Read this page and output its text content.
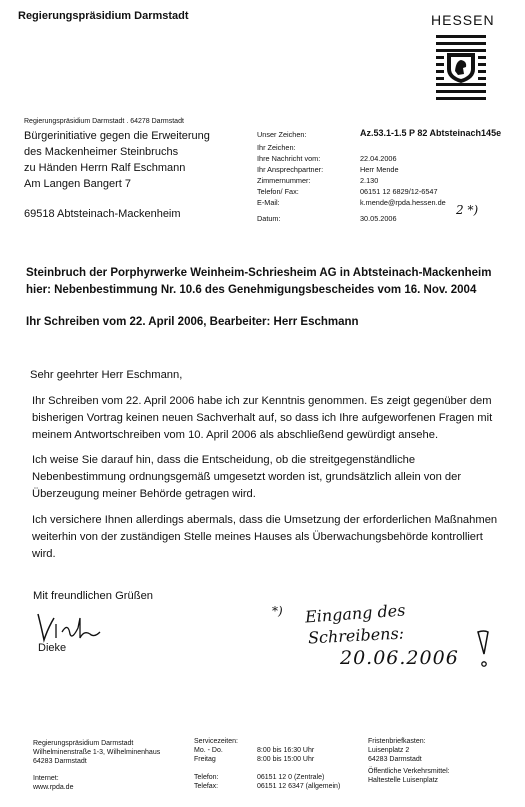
Regierungspräsidium Darmstadt	HESSEN
Regierungspräsidium Darmstadt . 64278 Darmstadt
Bürgerinitiative gegen die Erweiterung
des Mackenheimer Steinbruchs
zu Händen Herrn Ralf Eschmann
Am Langen Bangert 7
69518 Abtsteinach-Mackenheim
Unser Zeichen:
Ihr Zeichen:
Ihre Nachricht vom:
Ihr Ansprechpartner:
Zimmernummer:
Telefon/ Fax:
E-Mail:
Datum:
Az.53.1-1.5 P 82 Abtsteinach145e
22.04.2006
Herr Mende
2.130
06151 12 6829/12-6547
k.mende@rpda.hessen.de
30.05.2006
2 *)
Steinbruch der Porphyrwerke Weinheim-Schriesheim AG in Abtsteinach-Mackenheim
hier: Nebenbestimmung Nr. 10.6 des Genehmigungsbescheides vom 16. Nov. 2004
Ihr Schreiben vom 22. April 2006, Bearbeiter: Herr Eschmann
Sehr geehrter Herr Eschmann,
Ihr Schreiben vom 22. April 2006 habe ich zur Kenntnis genommen. Es zeigt gegenüber dem bisherigen Vortrag keinen neuen Sachverhalt auf, so dass ich Ihre aufgeworfenen Fragen mit meinem Antwortschreiben vom 10. April 2006 als abschließend gewürdigt ansehe.
Ich weise Sie darauf hin, dass die Entscheidung, ob die streitgegenständliche Nebenbestimmung ordnungsgemäß umgesetzt worden ist, grundsätzlich allein von der Überzeugung meiner Behörde getragen wird.
Ich versichere Ihnen allerdings abermals, dass die Umsetzung der erforderlichen Maßnahmen weiterhin von der zuständigen Stelle meines Hauses als Überwachungsbehörde kontrolliert wird.
Mit freundlichen Grüßen
Dieke
*) Eingang des
Schreibens:
20.06.2006
Regierungspräsidium Darmstadt
Wilhelminenstraße 1-3, Wilhelminenhaus
64283 Darmstadt
Internet:
www.rpda.de
Servicezeiten:
Mo. - Do.
Freitag
8:00 bis 16:30 Uhr
8:00 bis 15:00 Uhr
Telefon:
Telefax:
06151 12 0 (Zentrale)
06151 12 6347 (allgemein)
Fristenbriefkasten:
Luisenplatz 2
64283 Darmstadt
Öffentliche Verkehrsmittel:
Haltestelle Luisenplatz
